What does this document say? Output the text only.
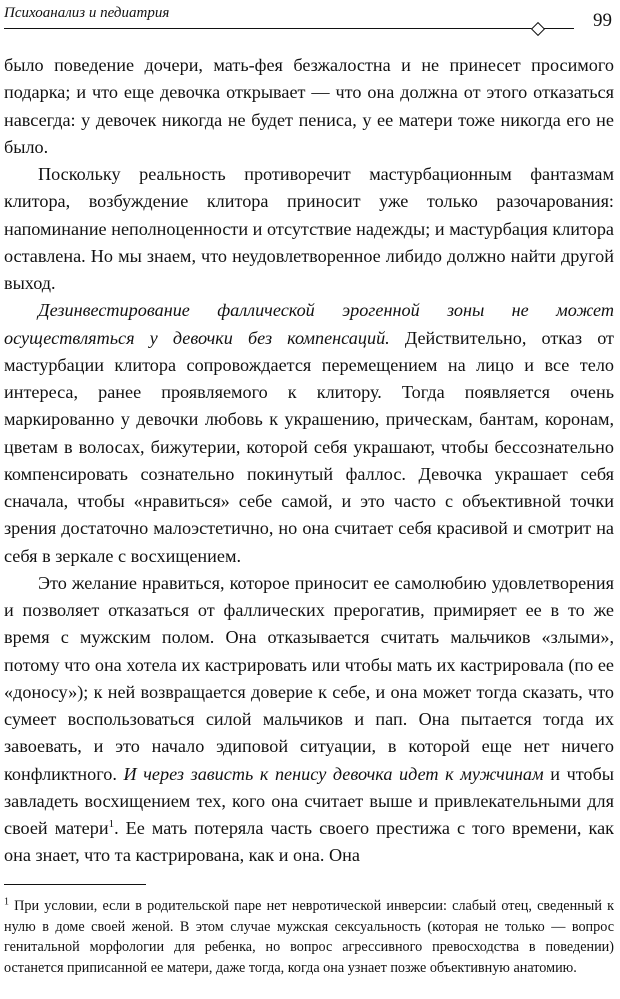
Психоанализ и педиатрия	99

было поведение дочери, мать-фея безжалостна и не принесет просимого подарка; и что еще девочка открывает — что она должна от этого отказаться навсегда: у девочек никогда не будет пениса, у ее матери тоже никогда его не было.

Поскольку реальность противоречит мастурбационным фантазмам клитора, возбуждение клитора приносит уже только разочарования: напоминание неполноценности и отсутствие надежды; и мастурбация клитора оставлена. Но мы знаем, что неудовлетворенное либидо должно найти другой выход.

Дезинвестирование фаллической эрогенной зоны не может осуществляться у девочки без компенсаций. Действительно, отказ от мастурбации клитора сопровождается перемещением на лицо и все тело интереса, ранее проявляемого к клитору. Тогда появляется очень маркированно у девочки любовь к украшению, прическам, бантам, коронам, цветам в волосах, бижутерии, которой себя украшают, чтобы бессознательно компенсировать сознательно покинутый фаллос. Девочка украшает себя сначала, чтобы «нравиться» себе самой, и это часто с объективной точки зрения достаточно малоэстетично, но она считает себя красивой и смотрит на себя в зеркале с восхищением.

Это желание нравиться, которое приносит ее самолюбию удовлетворения и позволяет отказаться от фаллических прерогатив, примиряет ее в то же время с мужским полом. Она отказывается считать мальчиков «злыми», потому что она хотела их кастрировать или чтобы мать их кастрировала (по ее «доносу»); к ней возвращается доверие к себе, и она может тогда сказать, что сумеет воспользоваться силой мальчиков и пап. Она пытается тогда их завоевать, и это начало эдиповой ситуации, в которой еще нет ничего конфликтного. И через зависть к пенису девочка идет к мужчинам и чтобы завладеть восхищением тех, кого она считает выше и привлекательными для своей матери$^1$. Ее мать потеряла часть своего престижа с того времени, как она знает, что та кастрирована, как и она. Она

$^1$ При условии, если в родительской паре нет невротической инверсии: слабый отец, сведенный к нулю в доме своей женой. В этом случае мужская сексуальность (которая не только — вопрос генитальной морфологии для ребенка, но вопрос агрессивного превосходства в поведении) останется приписанной ее матери, даже тогда, когда она узнает позже объективную анатомию.
